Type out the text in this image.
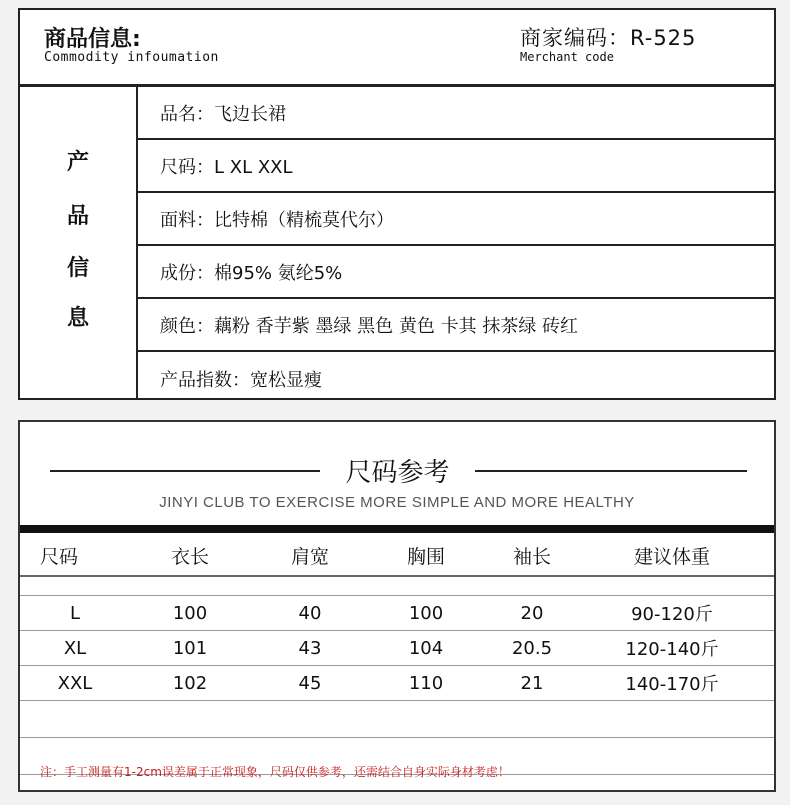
商品信息:
Commodity infoumation
商家编码：R-525
Merchant code
产
品
信
息
品名：飞边长裙
尺码：L XL XXL
面料：比特棉（精梳莫代尔）
成份：棉95% 氨纶5%
颜色：藕粉 香芋紫 墨绿 黑色 黄色 卡其 抹茶绿 砖红
产品指数：宽松显瘦
尺码参考
JINYI CLUB TO EXERCISE MORE SIMPLE AND MORE HEALTHY
尺码	衣长	肩宽	胸围	袖长	建议体重
L	100	40	100	20	90-120斤
XL	101	43	104	20.5	120-140斤
XXL	102	45	110	21	140-170斤
注：手工测量有1-2cm误差属于正常现象，尺码仅供参考，还需结合自身实际身材考虑！
